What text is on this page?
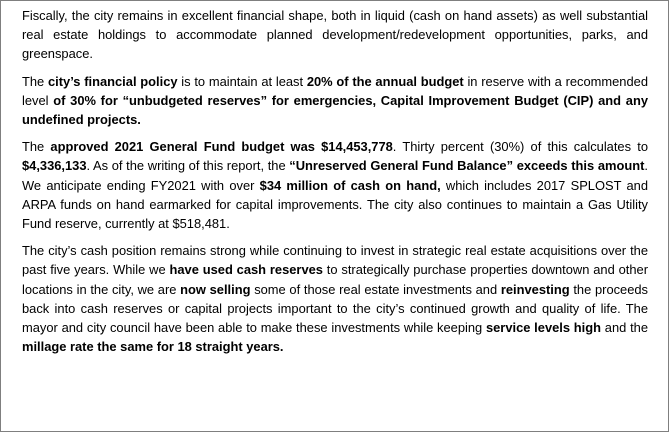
Fiscally, the city remains in excellent financial shape, both in liquid (cash on hand assets) as well substantial real estate holdings to accommodate planned development/redevelopment opportunities, parks, and greenspace.

The city’s financial policy is to maintain at least 20% of the annual budget in reserve with a recommended level of 30% for “unbudgeted reserves” for emergencies, Capital Improvement Budget (CIP) and any undefined projects.

The approved 2021 General Fund budget was $14,453,778. Thirty percent (30%) of this calculates to $4,336,133. As of the writing of this report, the “Unreserved General Fund Balance” exceeds this amount. We anticipate ending FY2021 with over $34 million of cash on hand, which includes 2017 SPLOST and ARPA funds on hand earmarked for capital improvements. The city also continues to maintain a Gas Utility Fund reserve, currently at $518,481.

The city’s cash position remains strong while continuing to invest in strategic real estate acquisitions over the past five years. While we have used cash reserves to strategically purchase properties downtown and other locations in the city, we are now selling some of those real estate investments and reinvesting the proceeds back into cash reserves or capital projects important to the city’s continued growth and quality of life. The mayor and city council have been able to make these investments while keeping service levels high and the millage rate the same for 18 straight years.
